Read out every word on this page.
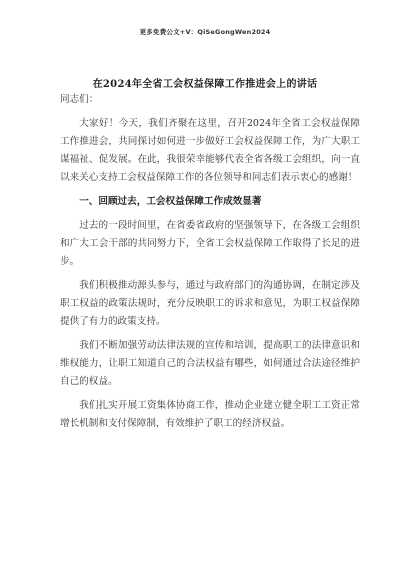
更多免费公文+V：QiSeGongWen2024
在2024年全省工会权益保障工作推进会上的讲话

同志们：

大家好！今天，我们齐聚在这里，召开2024年全省工会权益保障工作推进会，共同探讨如何进一步做好工会权益保障工作，为广大职工谋福祉、促发展。在此，我很荣幸能够代表全省各级工会组织，向一直以来关心支持工会权益保障工作的各位领导和同志们表示衷心的感谢！

一、回顾过去，工会权益保障工作成效显著

过去的一段时间里，在省委省政府的坚强领导下，在各级工会组织和广大工会干部的共同努力下，全省工会权益保障工作取得了长足的进步。

我们积极推动源头参与，通过与政府部门的沟通协调，在制定涉及职工权益的政策法规时，充分反映职工的诉求和意见，为职工权益保障提供了有力的政策支持。

我们不断加强劳动法律法规的宣传和培训，提高职工的法律意识和维权能力，让职工知道自己的合法权益有哪些，如何通过合法途径维护自己的权益。

我们扎实开展工资集体协商工作，推动企业建立健全职工工资正常增长机制和支付保障制，有效维护了职工的经济权益。
